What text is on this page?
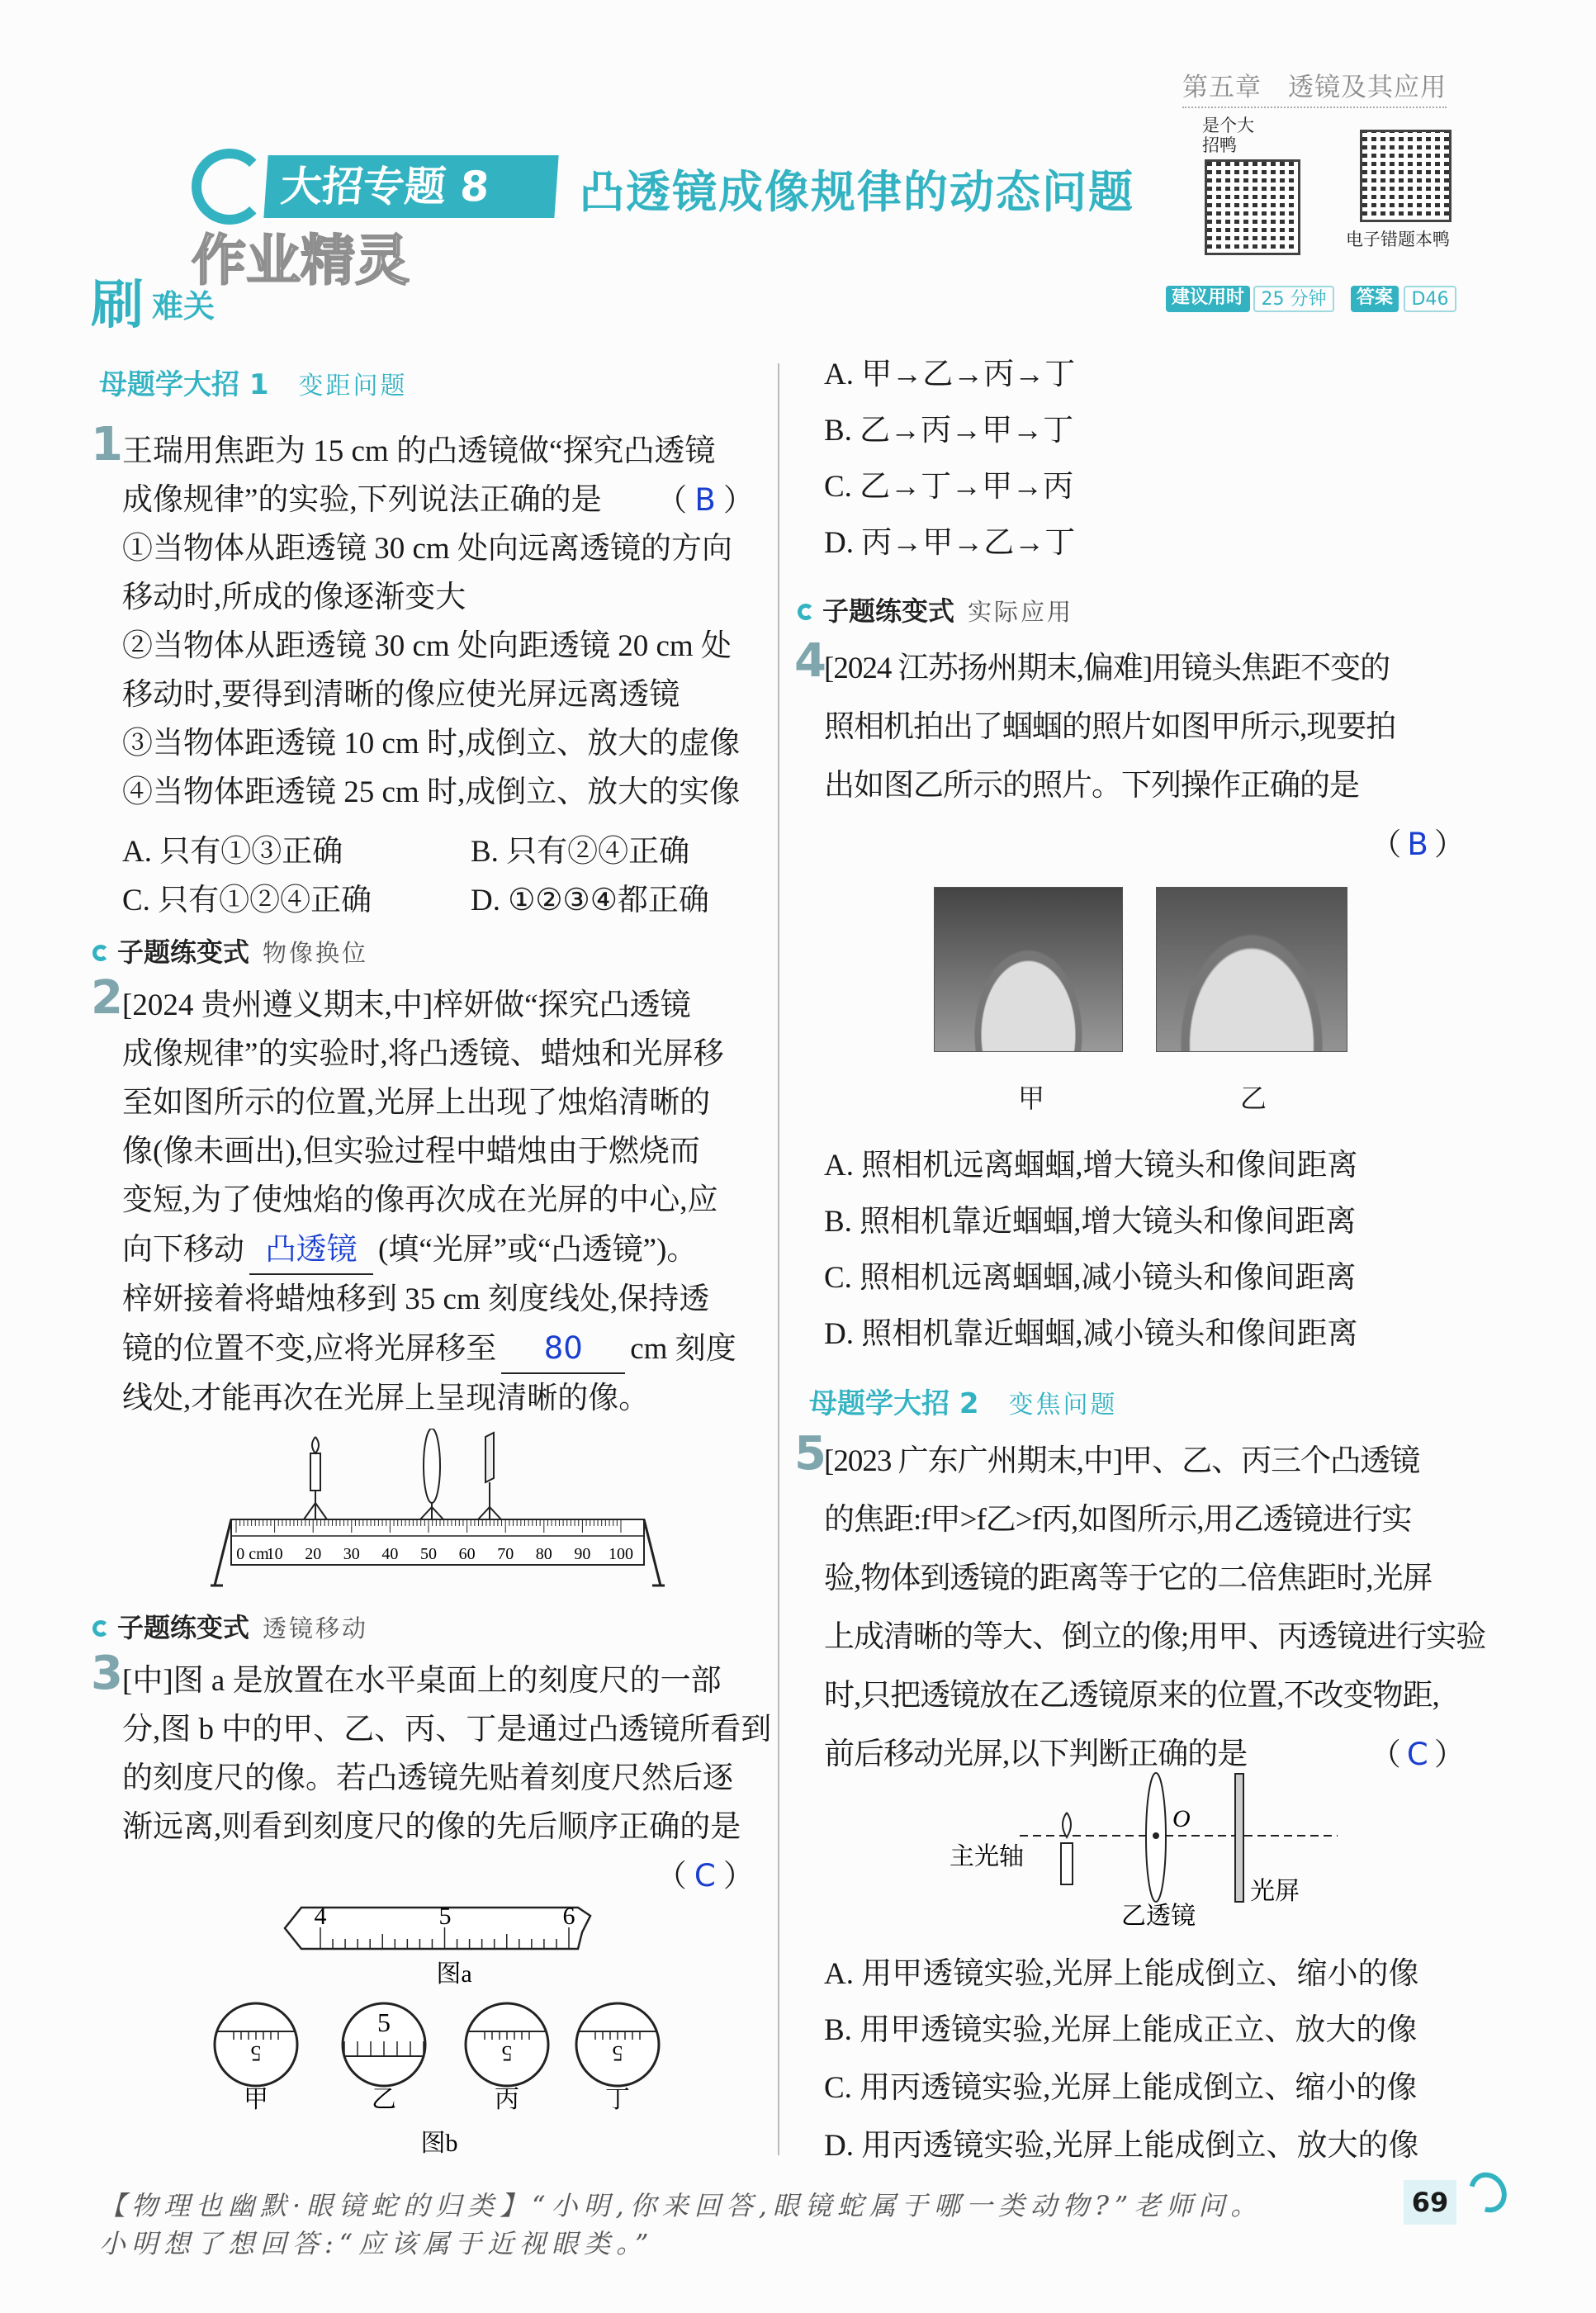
第五章　透镜及其应用
大招专题 8	凸透镜成像规律的动态问题
作业精灵
是个大招鸭
电子错题本鸭
刷 难关	建议用时 25 分钟	答案	D46
母题学大招 1 变距问题
1 王瑞用焦距为 15 cm 的凸透镜做“探究凸透镜
成像规律”的实验,下列说法正确的是 （ B ）
①当物体从距透镜 30 cm 处向远离透镜的方向
移动时,所成的像逐渐变大
②当物体从距透镜 30 cm 处向距透镜 20 cm 处
移动时,要得到清晰的像应使光屏远离透镜
③当物体距透镜 10 cm 时,成倒立、放大的虚像
④当物体距透镜 25 cm 时,成倒立、放大的实像
A. 只有①③正确	B. 只有②④正确
C. 只有①②④正确	D. ①②③④都正确
子题练变式 物像换位
2 [2024 贵州遵义期末,中]梓妍做“探究凸透镜
成像规律”的实验时,将凸透镜、蜡烛和光屏移
至如图所示的位置,光屏上出现了烛焰清晰的
像(像未画出),但实验过程中蜡烛由于燃烧而
变短,为了使烛焰的像再次成在光屏的中心,应
向下移动 凸透镜 (填“光屏”或“凸透镜”)。
梓妍接着将蜡烛移到 35 cm 刻度线处,保持透
镜的位置不变,应将光屏移至 80 cm 刻度
线处,才能再次在光屏上呈现清晰的像。
0 cm
10 20 30 40 50 60 70 80 90 100
子题练变式 透镜移动
3 [中]图 a 是放置在水平桌面上的刻度尺的一部
分,图 b 中的甲、乙、丙、丁是通过凸透镜所看到
的刻度尺的像。若凸透镜先贴着刻度尺然后逐
渐远离,则看到刻度尺的像的先后顺序正确的是
（ C ）
4	5	6
图a
5
甲
5
乙
5
丙
5
丁
图b
A. 甲→乙→丙→丁
B. 乙→丙→甲→丁
C. 乙→丁→甲→丙
D. 丙→甲→乙→丁
子题练变式 实际应用
4
[2024 江苏扬州期末,偏难]用镜头焦距不变的
照相机拍出了蝈蝈的照片如图甲所示,现要拍
出如图乙所示的照片。下列操作正确的是
（ B ）
甲	乙
A. 照相机远离蝈蝈,增大镜头和像间距离
B. 照相机靠近蝈蝈,增大镜头和像间距离
C. 照相机远离蝈蝈,减小镜头和像间距离
D. 照相机靠近蝈蝈,减小镜头和像间距离
母题学大招 2 变焦问题
5
[2023 广东广州期末,中]甲、乙、丙三个凸透镜
的焦距:f甲>f乙>f丙,如图所示,用乙透镜进行实
验,物体到透镜的距离等于它的二倍焦距时,光屏
上成清晰的等大、倒立的像;用甲、丙透镜进行实验
时,只把透镜放在乙透镜原来的位置,不改变物距,
前后移动光屏,以下判断正确的是	（ C ）
O
主光轴
乙透镜
光屏
A. 用甲透镜实验,光屏上能成倒立、缩小的像
B. 用甲透镜实验,光屏上能成正立、放大的像
C. 用丙透镜实验,光屏上能成倒立、缩小的像
D. 用丙透镜实验,光屏上能成倒立、放大的像
【物理也幽默·眼镜蛇的归类】“小明,你来回答,眼镜蛇属于哪一类动物?”老师问。
小明想了想回答:“应该属于近视眼类。”
69
